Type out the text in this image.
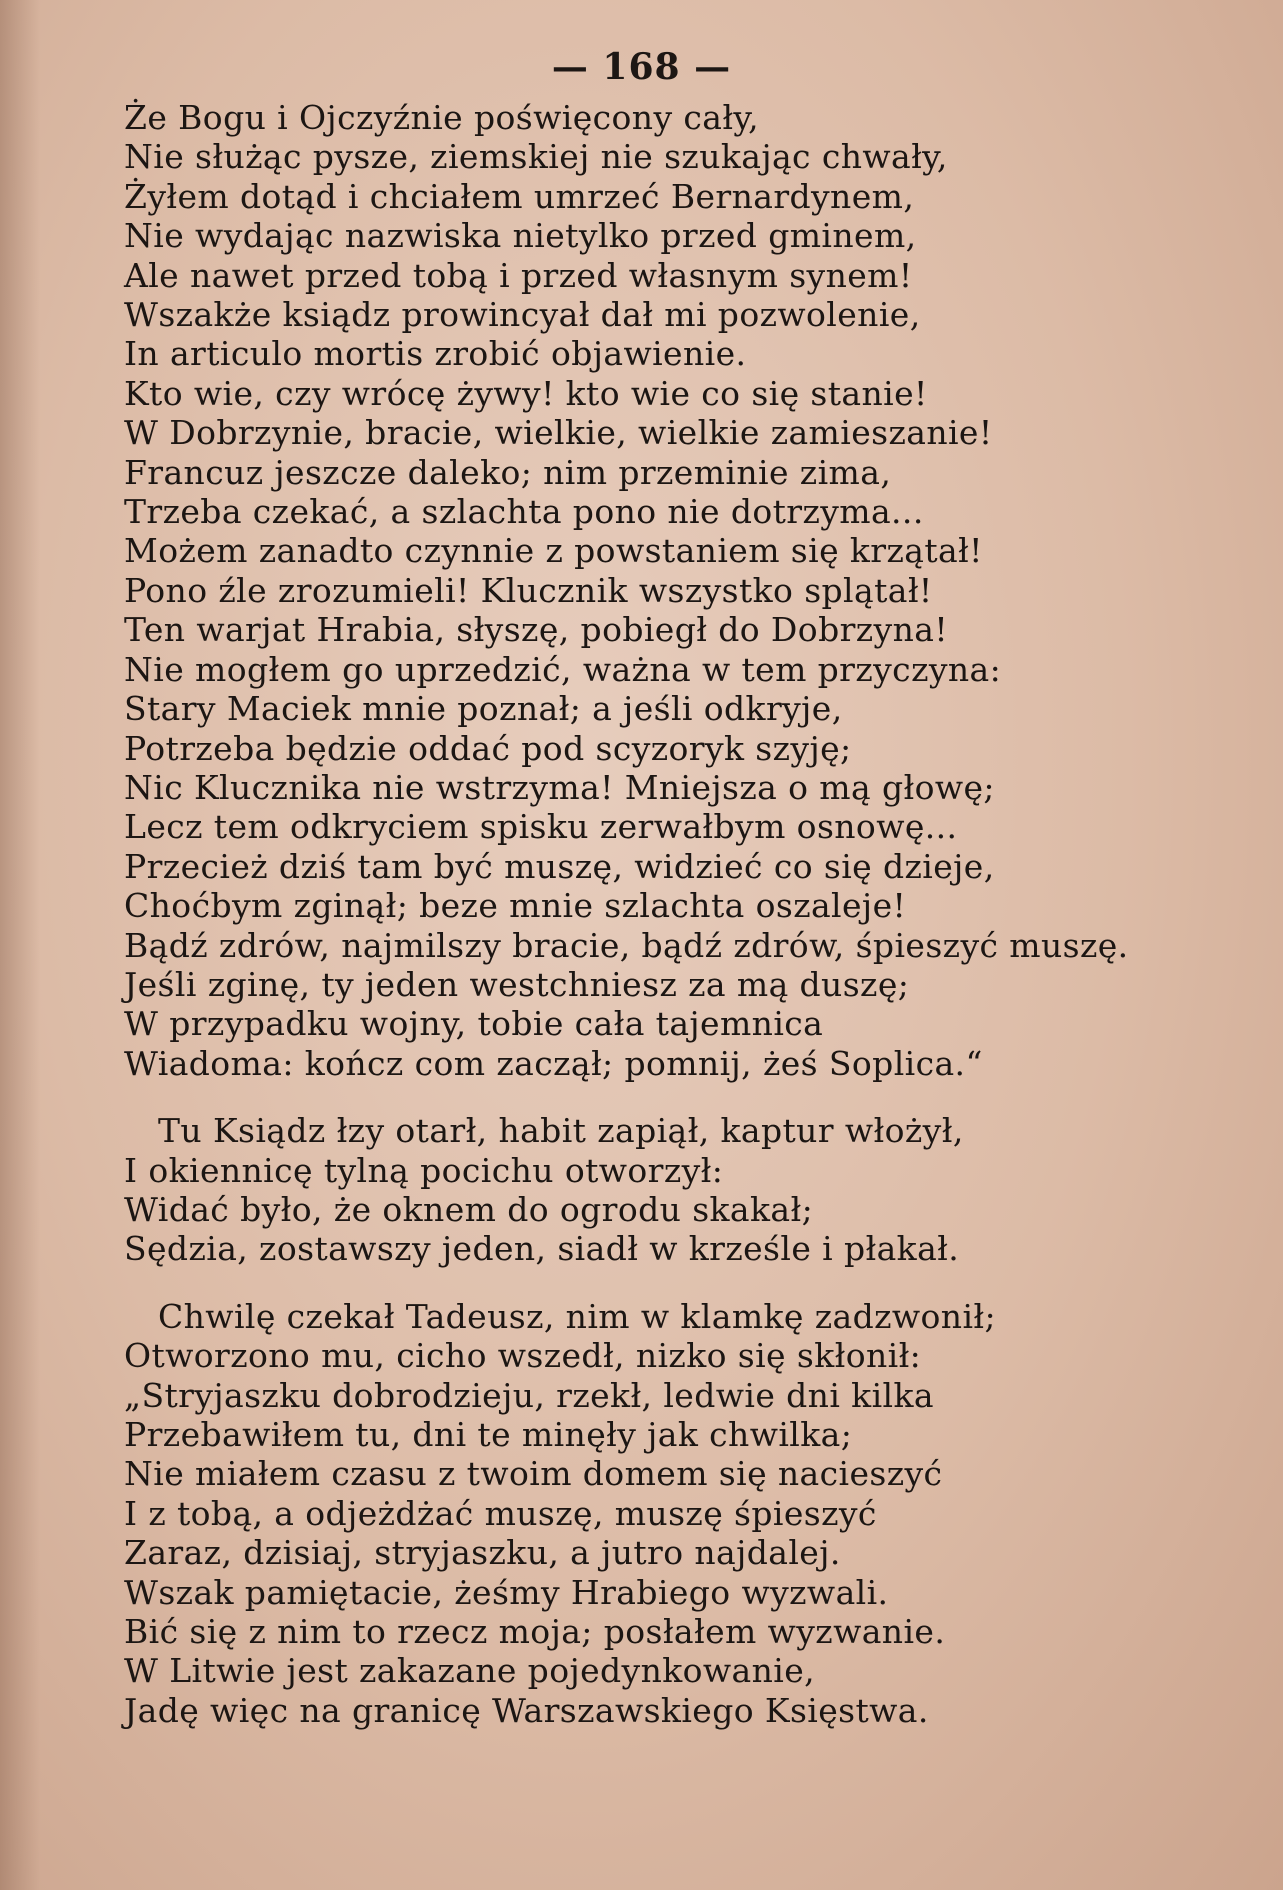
— 168 —
Że Bogu i Ojczyźnie poświęcony cały,
Nie służąc pysze, ziemskiej nie szukając chwały,
Żyłem dotąd i chciałem umrzeć Bernardynem,
Nie wydając nazwiska nietylko przed gminem,
Ale nawet przed tobą i przed własnym synem!
Wszakże ksiądz prowincyał dał mi pozwolenie,
In articulo mortis zrobić objawienie.
Kto wie, czy wrócę żywy! kto wie co się stanie!
W Dobrzynie, bracie, wielkie, wielkie zamieszanie!
Francuz jeszcze daleko; nim przeminie zima,
Trzeba czekać, a szlachta pono nie dotrzyma...
Możem zanadto czynnie z powstaniem się krzątał!
Pono źle zrozumieli! Klucznik wszystko splątał!
Ten warjat Hrabia, słyszę, pobiegł do Dobrzyna!
Nie mogłem go uprzedzić, ważna w tem przyczyna:
Stary Maciek mnie poznał; a jeśli odkryje,
Potrzeba będzie oddać pod scyzoryk szyję;
Nic Klucznika nie wstrzyma! Mniejsza o mą głowę;
Lecz tem odkryciem spisku zerwałbym osnowę...
Przecież dziś tam być muszę, widzieć co się dzieje,
Choćbym zginął; beze mnie szlachta oszaleje!
Bądź zdrów, najmilszy bracie, bądź zdrów, śpieszyć muszę.
Jeśli zginę, ty jeden westchniesz za mą duszę;
W przypadku wojny, tobie cała tajemnica
Wiadoma: kończ com zaczął; pomnij, żeś Soplica.“
Tu Ksiądz łzy otarł, habit zapiął, kaptur włożył,
I okiennicę tylną pocichu otworzył:
Widać było, że oknem do ogrodu skakał;
Sędzia, zostawszy jeden, siadł w krześle i płakał.
Chwilę czekał Tadeusz, nim w klamkę zadzwonił;
Otworzono mu, cicho wszedł, nizko się skłonił:
„Stryjaszku dobrodzieju, rzekł, ledwie dni kilka
Przebawiłem tu, dni te minęły jak chwilka;
Nie miałem czasu z twoim domem się nacieszyć
I z tobą, a odjeżdżać muszę, muszę śpieszyć
Zaraz, dzisiaj, stryjaszku, a jutro najdalej.
Wszak pamiętacie, żeśmy Hrabiego wyzwali.
Bić się z nim to rzecz moja; posłałem wyzwanie.
W Litwie jest zakazane pojedynkowanie,
Jadę więc na granicę Warszawskiego Księstwa.
